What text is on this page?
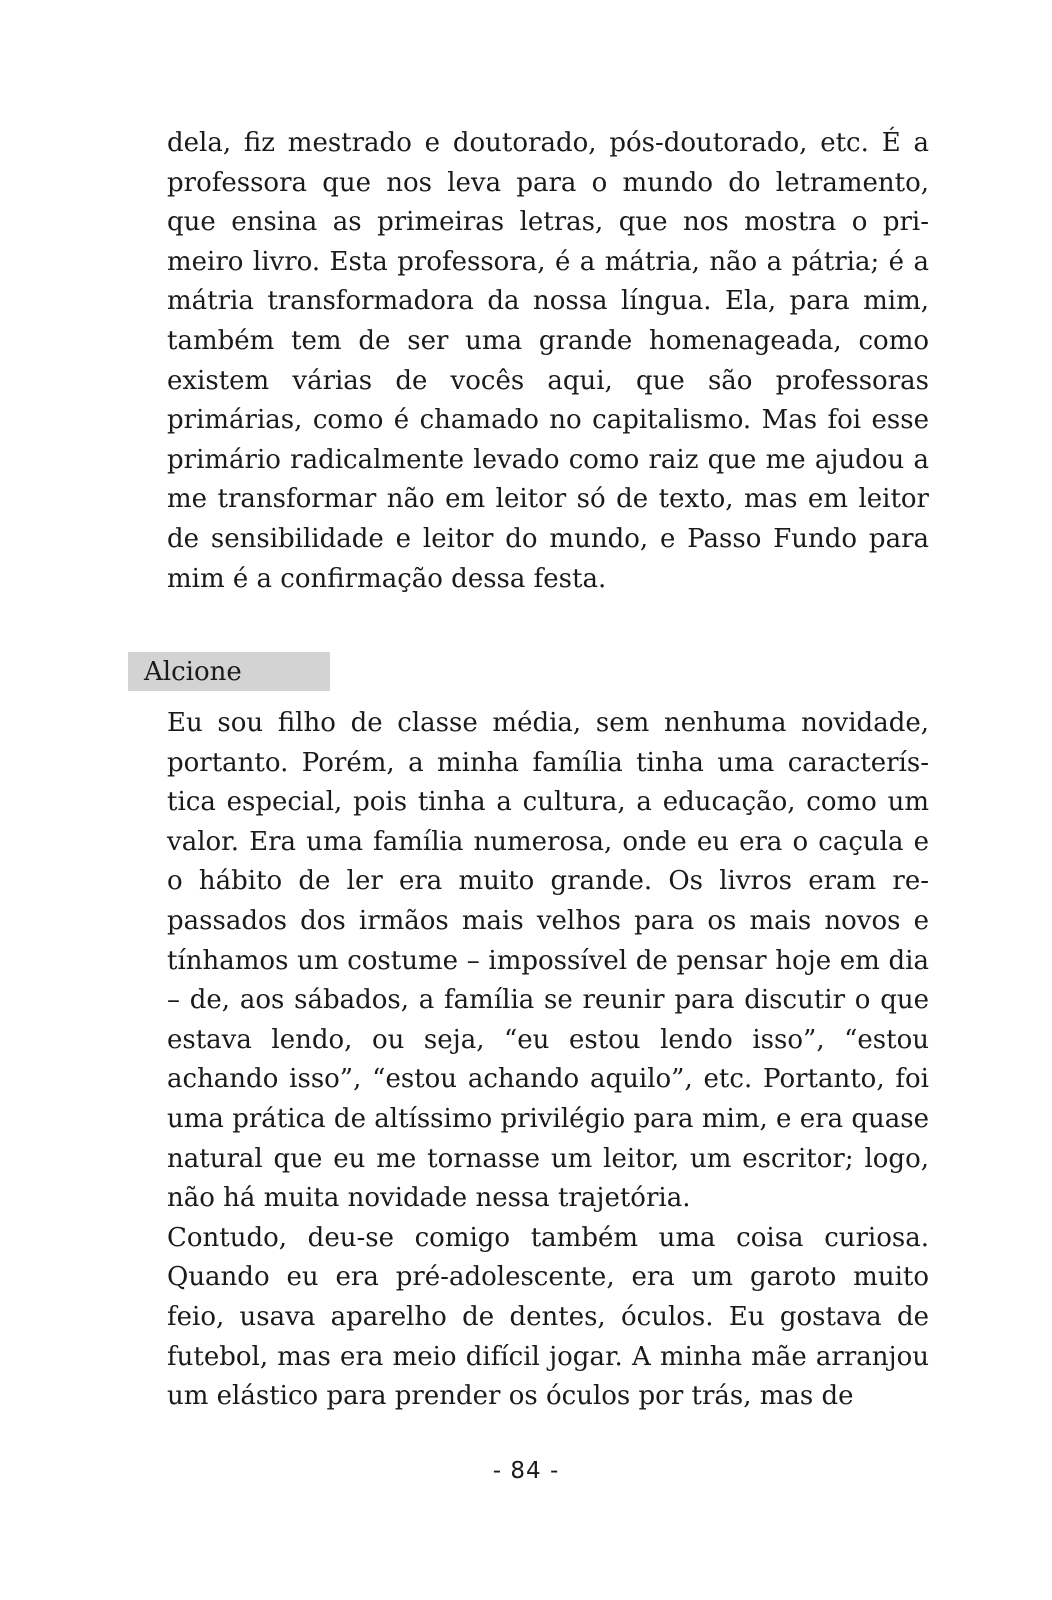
dela, fiz mestrado e doutorado, pós-doutorado, etc. É a professora que nos leva para o mundo do letramento, que ensina as primeiras letras, que nos mostra o primeiro livro. Esta professora, é a mátria, não a pátria; é a mátria transformadora da nossa língua. Ela, para mim, também tem de ser uma grande homenageada, como existem várias de vocês aqui, que são professoras primárias, como é chamado no capitalismo. Mas foi esse primário radicalmente levado como raiz que me ajudou a me transformar não em leitor só de texto, mas em leitor de sensibilidade e leitor do mundo, e Passo Fundo para mim é a confirmação dessa festa.

Alcione

Eu sou filho de classe média, sem nenhuma novidade, portanto. Porém, a minha família tinha uma característica especial, pois tinha a cultura, a educação, como um valor. Era uma família numerosa, onde eu era o caçula e o hábito de ler era muito grande. Os livros eram repassados dos irmãos mais velhos para os mais novos e tínhamos um costume – impossível de pensar hoje em dia – de, aos sábados, a família se reunir para discutir o que estava lendo, ou seja, “eu estou lendo isso”, “estou achando isso”, “estou achando aquilo”, etc. Portanto, foi uma prática de altíssimo privilégio para mim, e era quase natural que eu me tornasse um leitor, um escritor; logo, não há muita novidade nessa trajetória.

Contudo, deu-se comigo também uma coisa curiosa. Quando eu era pré-adolescente, era um garoto muito feio, usava aparelho de dentes, óculos. Eu gostava de futebol, mas era meio difícil jogar. A minha mãe arranjou um elástico para prender os óculos por trás, mas de

- 84 -
